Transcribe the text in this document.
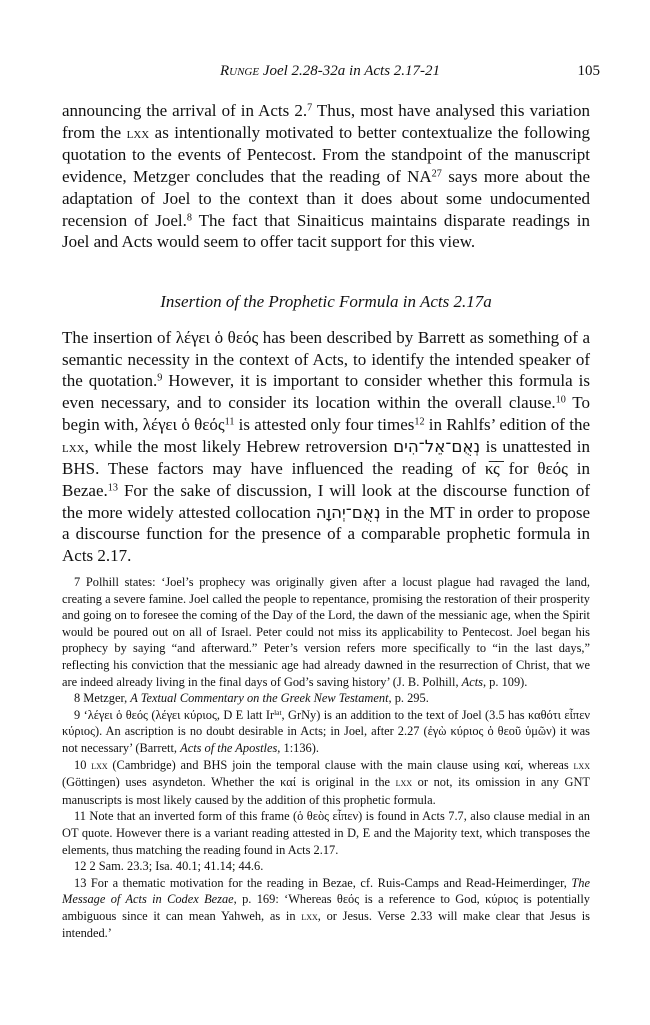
Runge Joel 2.28-32a in Acts 2.17-21	105

announcing the arrival of in Acts 2.$^7$ Thus, most have analysed this variation from the lxx as intentionally motivated to better contextualize the following quotation to the events of Pentecost. From the standpoint of the manuscript evidence, Metzger concludes that the reading of NA$^{27}$ says more about the adaptation of Joel to the context than it does about some undocumented recension of Joel.$^8$ The fact that Sinaiticus maintains disparate readings in Joel and Acts would seem to offer tacit support for this view.

Insertion of the Prophetic Formula in Acts 2.17a

The insertion of λέγει ὁ θεός has been described by Barrett as something of a semantic necessity in the context of Acts, to identify the intended speaker of the quotation.$^9$ However, it is important to consider whether this formula is even necessary, and to consider its location within the overall clause.$^{10}$ To begin with, λέγει ὁ θεός$^{11}$ is attested only four times$^{12}$ in Rahlfs’ edition of the lxx, while the most likely Hebrew retroversion נְאֻם־אֵל־הִים is unattested in BHS. These factors may have influenced the reading of κ̅ς̅ for θεός in Bezae.$^{13}$ For the sake of discussion, I will look at the discourse function of the more widely attested collocation נְאֻם־יְהוָה in the MT in order to propose a discourse function for the presence of a comparable prophetic formula in Acts 2.17.

7 Polhill states: ‘Joel’s prophecy was originally given after a locust plague had ravaged the land, creating a severe famine. Joel called the people to repentance, promising the restoration of their prosperity and going on to foresee the coming of the Day of the Lord, the dawn of the messianic age, when the Spirit would be poured out on all of Israel. Peter could not miss its applicability to Pentecost. Joel began his prophecy by saying “and afterward.” Peter’s version refers more specifically to “in the last days,” reflecting his conviction that the messianic age had already dawned in the resurrection of Christ, that we are indeed already living in the final days of God’s saving history’ (J. B. Polhill, Acts, p. 109).

8 Metzger, A Textual Commentary on the Greek New Testament, p. 295.

9 ‘λέγει ὁ θεός (λέγει κύριος, D E latt $Ir^{lat}$, GrNy) is an addition to the text of Joel (3.5 has καθότι εἶπεν κύριος). An ascription is no doubt desirable in Acts; in Joel, after 2.27 (ἐγὼ κύριος ὁ θεοῦ ὑμῶν) it was not necessary’ (Barrett, Acts of the Apostles, 1:136).

10 lxx (Cambridge) and BHS join the temporal clause with the main clause using καί, whereas lxx (Göttingen) uses asyndeton. Whether the καί is original in the lxx or not, its omission in any GNT manuscripts is most likely caused by the addition of this prophetic formula.

11 Note that an inverted form of this frame (ὁ θεὸς εἶπεν) is found in Acts 7.7, also clause medial in an OT quote. However there is a variant reading attested in D, E and the Majority text, which transposes the elements, thus matching the reading found in Acts 2.17.

12 2 Sam. 23.3; Isa. 40.1; 41.14; 44.6.

13 For a thematic motivation for the reading in Bezae, cf. Ruis-Camps and Read-Heimerdinger, The Message of Acts in Codex Bezae, p. 169: ‘Whereas θεός is a reference to God, κύριος is potentially ambiguous since it can mean Yahweh, as in lxx, or Jesus. Verse 2.33 will make clear that Jesus is intended.’
